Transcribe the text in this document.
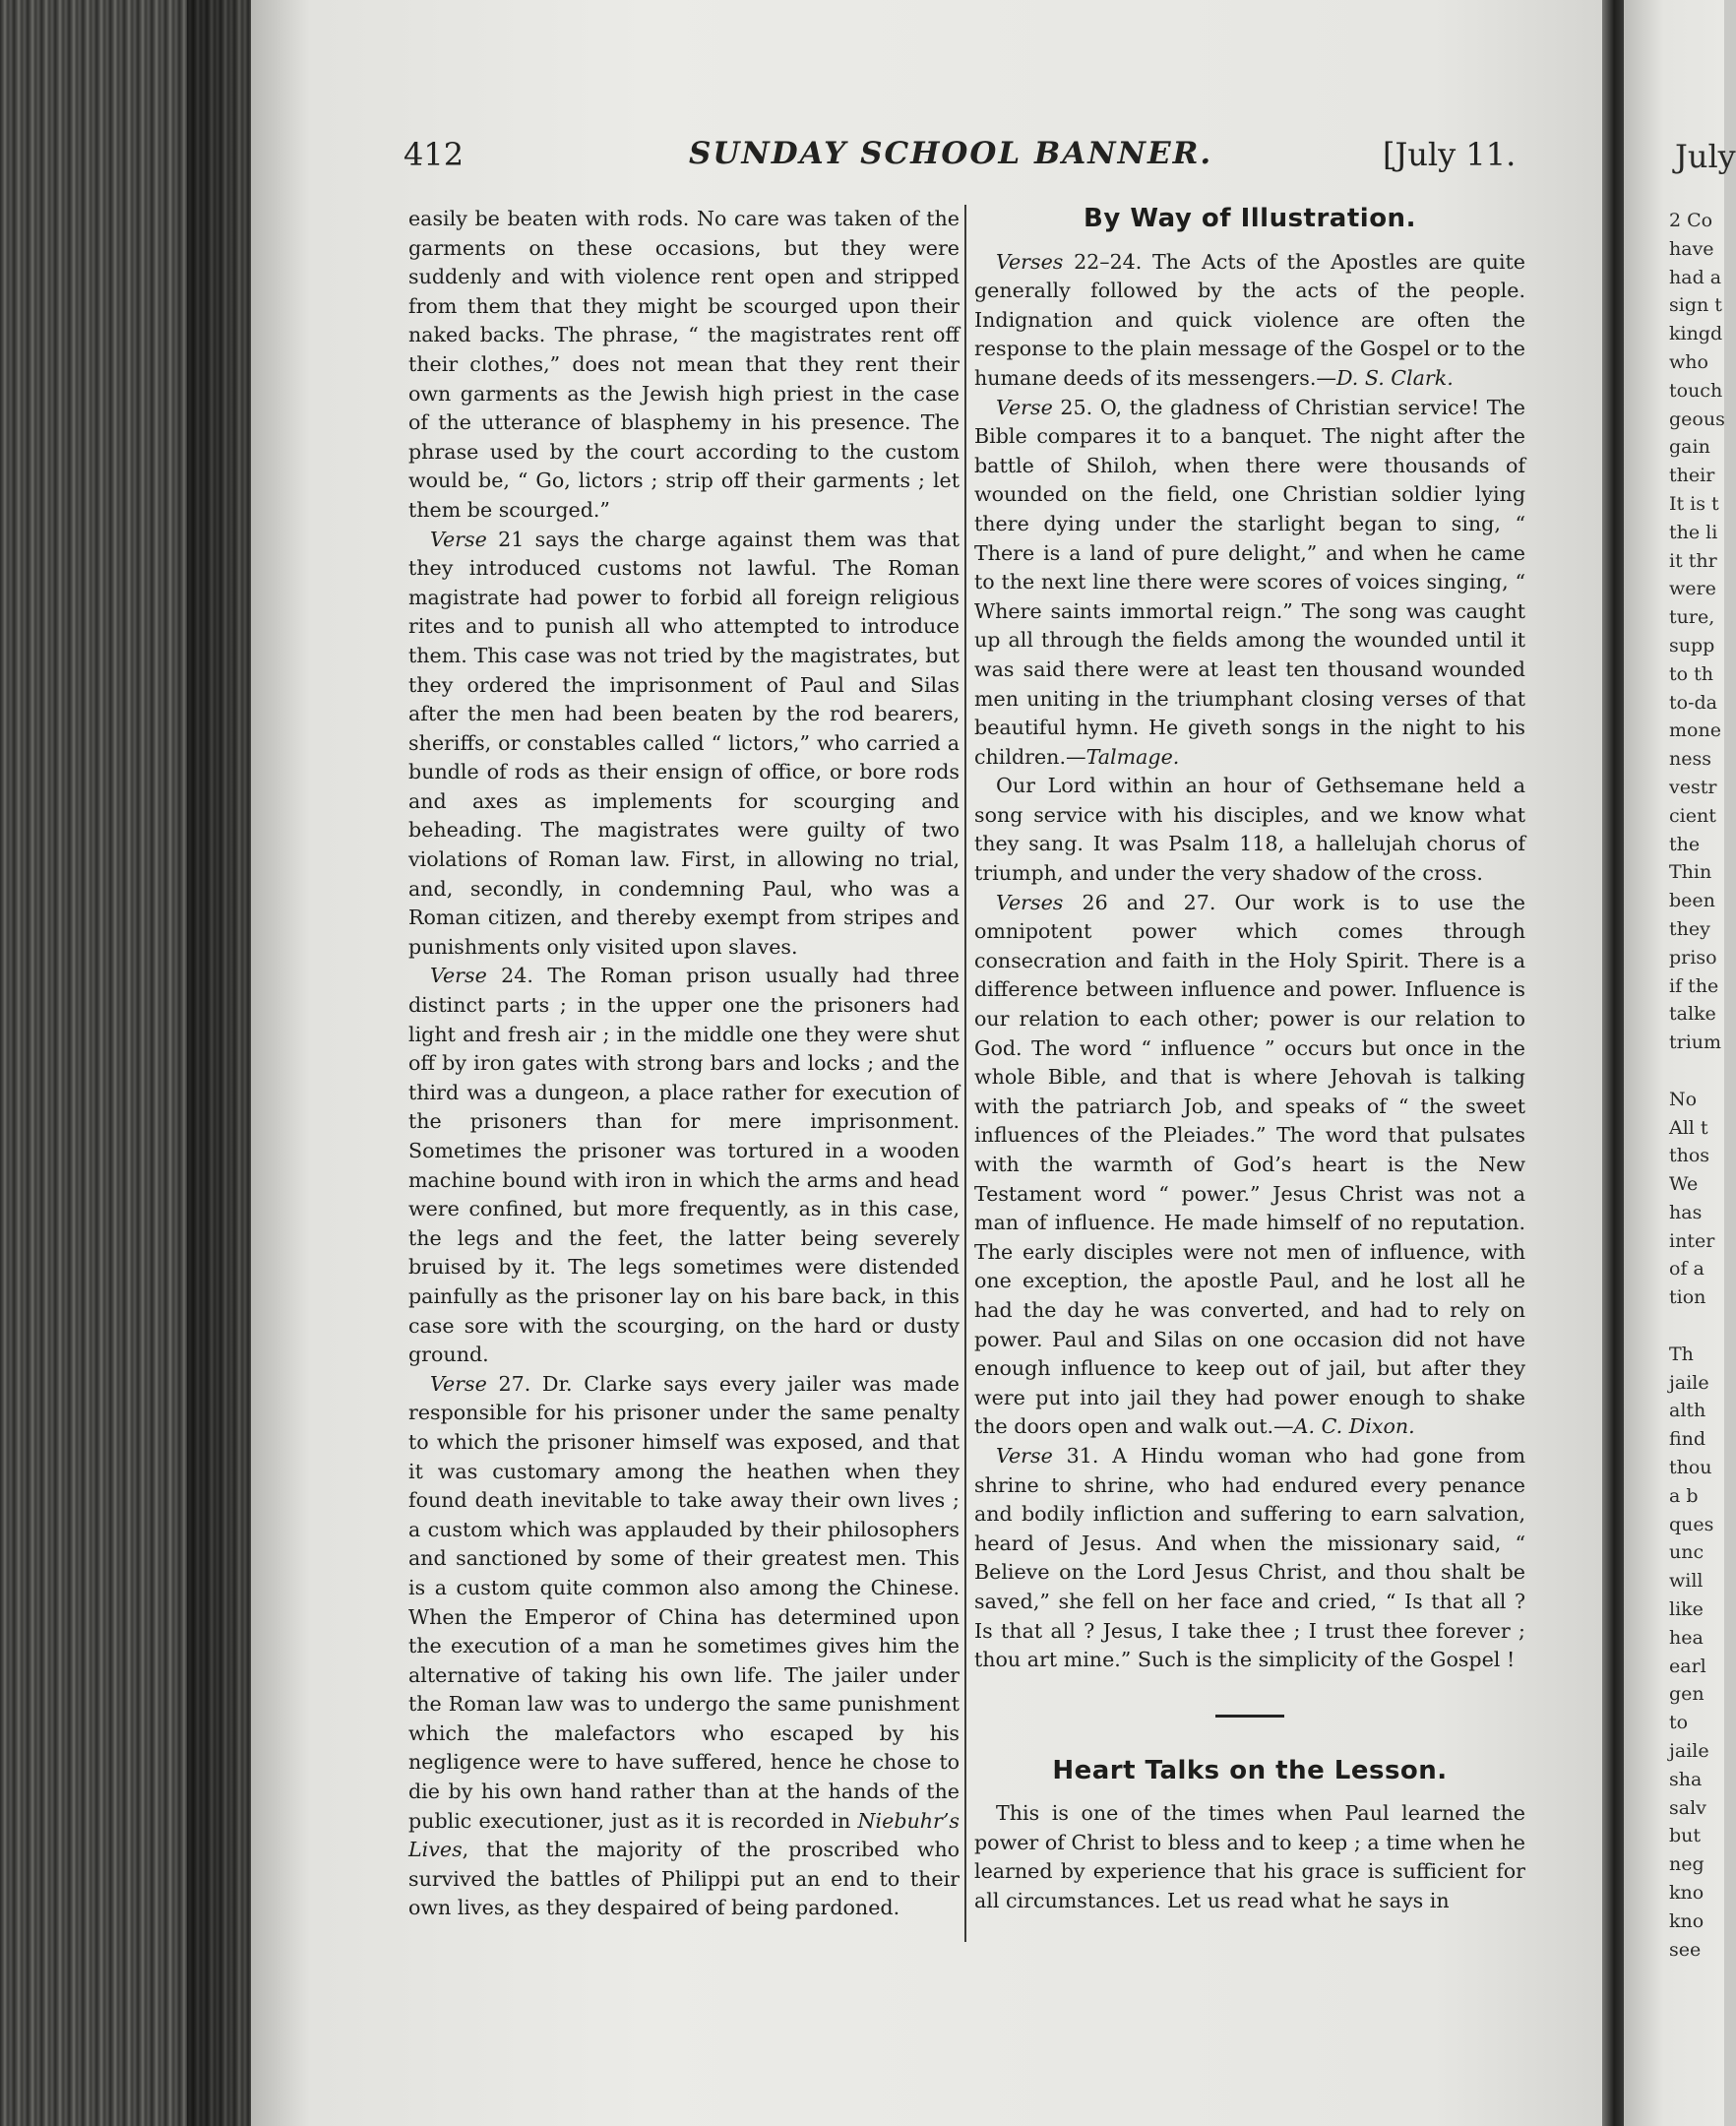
412	SUNDAY SCHOOL BANNER.	[July 11.

easily be beaten with rods. No care was taken of the garments on these occasions, but they were suddenly and with violence rent open and stripped from them that they might be scourged upon their naked backs. The phrase, “ the magistrates rent off their clothes,” does not mean that they rent their own garments as the Jewish high priest in the case of the utterance of blasphemy in his presence. The phrase used by the court according to the custom would be, “ Go, lictors ; strip off their garments ; let them be scourged.”

Verse 21 says the charge against them was that they introduced customs not lawful. The Roman magistrate had power to forbid all foreign religious rites and to punish all who attempted to introduce them. This case was not tried by the magistrates, but they ordered the imprisonment of Paul and Silas after the men had been beaten by the rod bearers, sheriffs, or constables called “ lictors,” who carried a bundle of rods as their ensign of office, or bore rods and axes as implements for scourging and beheading. The magistrates were guilty of two violations of Roman law. First, in allowing no trial, and, secondly, in condemning Paul, who was a Roman citizen, and thereby exempt from stripes and punishments only visited upon slaves.

Verse 24. The Roman prison usually had three distinct parts ; in the upper one the prisoners had light and fresh air ; in the middle one they were shut off by iron gates with strong bars and locks ; and the third was a dungeon, a place rather for execution of the prisoners than for mere imprisonment. Sometimes the prisoner was tortured in a wooden machine bound with iron in which the arms and head were confined, but more frequently, as in this case, the legs and the feet, the latter being severely bruised by it. The legs sometimes were distended painfully as the prisoner lay on his bare back, in this case sore with the scourging, on the hard or dusty ground.

Verse 27. Dr. Clarke says every jailer was made responsible for his prisoner under the same penalty to which the prisoner himself was exposed, and that it was customary among the heathen when they found death inevitable to take away their own lives ; a custom which was applauded by their philosophers and sanctioned by some of their greatest men. This is a custom quite common also among the Chinese. When the Emperor of China has determined upon the execution of a man he sometimes gives him the alternative of taking his own life. The jailer under the Roman law was to undergo the same punishment which the malefactors who escaped by his negligence were to have suffered, hence he chose to die by his own hand rather than at the hands of the public executioner, just as it is recorded in Niebuhr’s Lives, that the majority of the proscribed who survived the battles of Philippi put an end to their own lives, as they despaired of being pardoned.

By Way of Illustration.

Verses 22–24. The Acts of the Apostles are quite generally followed by the acts of the people. Indignation and quick violence are often the response to the plain message of the Gospel or to the humane deeds of its messengers.—D. S. Clark.

Verse 25. O, the gladness of Christian service! The Bible compares it to a banquet. The night after the battle of Shiloh, when there were thousands of wounded on the field, one Christian soldier lying there dying under the starlight began to sing, “ There is a land of pure delight,” and when he came to the next line there were scores of voices singing, “ Where saints immortal reign.” The song was caught up all through the fields among the wounded until it was said there were at least ten thousand wounded men uniting in the triumphant closing verses of that beautiful hymn. He giveth songs in the night to his children.—Talmage.

Our Lord within an hour of Gethsemane held a song service with his disciples, and we know what they sang. It was Psalm 118, a hallelujah chorus of triumph, and under the very shadow of the cross.

Verses 26 and 27. Our work is to use the omnipotent power which comes through consecration and faith in the Holy Spirit. There is a difference between influence and power. Influence is our relation to each other; power is our relation to God. The word “ influence ” occurs but once in the whole Bible, and that is where Jehovah is talking with the patriarch Job, and speaks of “ the sweet influences of the Pleiades.” The word that pulsates with the warmth of God’s heart is the New Testament word “ power.” Jesus Christ was not a man of influence. He made himself of no reputation. The early disciples were not men of influence, with one exception, the apostle Paul, and he lost all he had the day he was converted, and had to rely on power. Paul and Silas on one occasion did not have enough influence to keep out of jail, but after they were put into jail they had power enough to shake the doors open and walk out.—A. C. Dixon.

Verse 31. A Hindu woman who had gone from shrine to shrine, who had endured every penance and bodily infliction and suffering to earn salvation, heard of Jesus. And when the missionary said, “ Believe on the Lord Jesus Christ, and thou shalt be saved,” she fell on her face and cried, “ Is that all ? Is that all ? Jesus, I take thee ; I trust thee forever ; thou art mine.” Such is the simplicity of the Gospel !

Heart Talks on the Lesson.

This is one of the times when Paul learned the power of Christ to bless and to keep ; a time when he learned by experience that his grace is sufficient for all circumstances. Let us read what he says in

July
2 Co
have
had a
sign t
kingd
who
touch
geous
gain
their
It is t
the li
it thr
were
ture,
supp
to th
to-da
mone
ness
vestr
cient
the
Thin
been
they
priso
if the
talke
trium

No
All t
thos
We
has
inter
of a
tion

Th
jaile
alth
find
thou
a b
ques
unc
will
like
hea
earl
gen
to
jaile
sha
salv
but
neg
kno
kno
see
